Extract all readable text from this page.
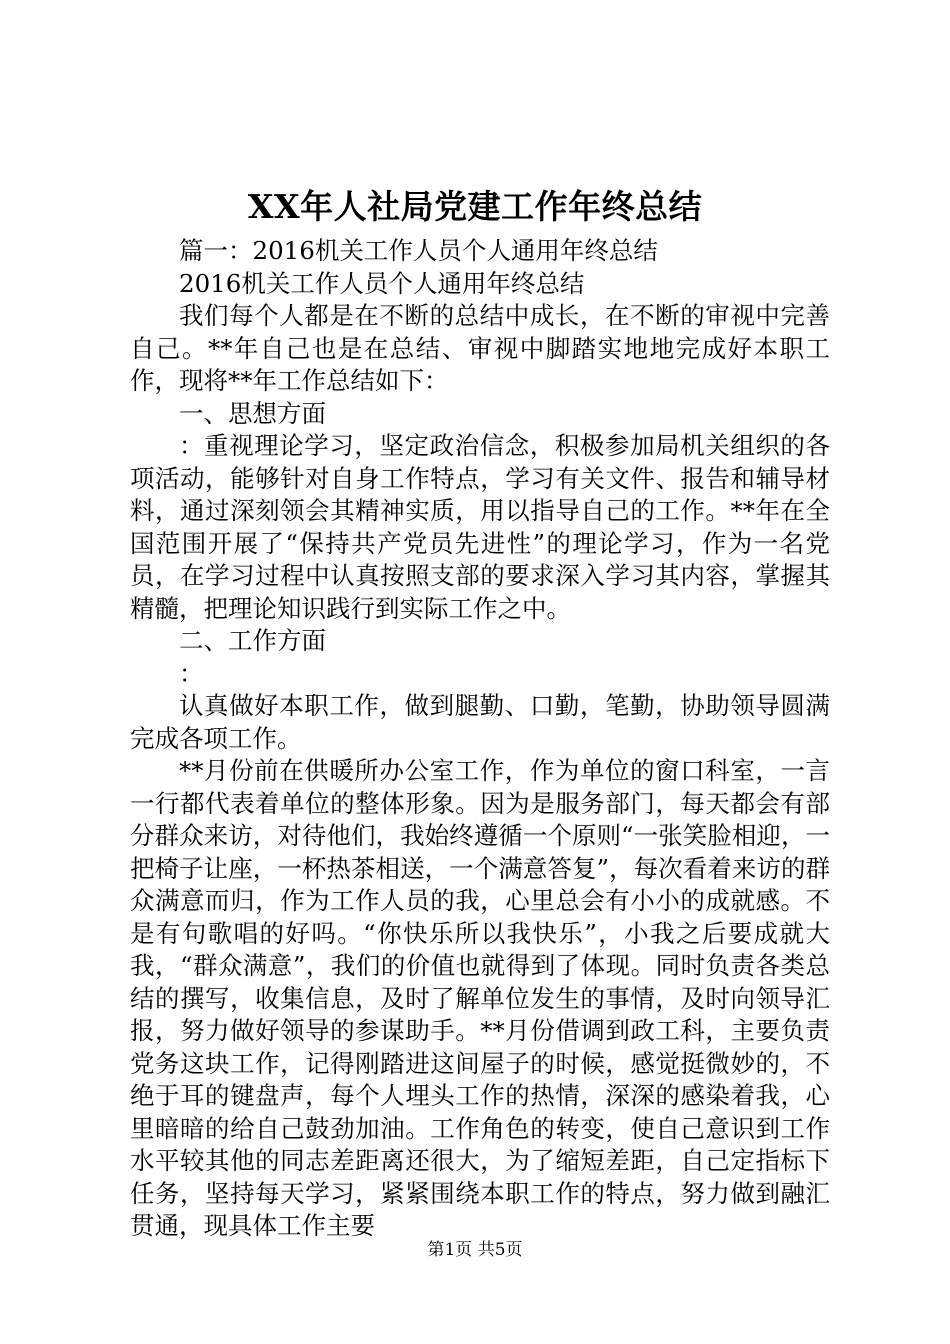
XX年人社局党建工作年终总结

篇一：2016机关工作人员个人通用年终总结

2016机关工作人员个人通用年终总结

我们每个人都是在不断的总结中成长，在不断的审视中完善自己。**年自己也是在总结、审视中脚踏实地地完成好本职工作，现将**年工作总结如下：

一、思想方面

：重视理论学习，坚定政治信念，积极参加局机关组织的各项活动，能够针对自身工作特点，学习有关文件、报告和辅导材料，通过深刻领会其精神实质，用以指导自己的工作。**年在全国范围开展了“保持共产党员先进性”的理论学习，作为一名党员，在学习过程中认真按照支部的要求深入学习其内容，掌握其精髓，把理论知识践行到实际工作之中。

二、工作方面

：

认真做好本职工作，做到腿勤、口勤，笔勤，协助领导圆满完成各项工作。

**月份前在供暖所办公室工作，作为单位的窗口科室，一言一行都代表着单位的整体形象。因为是服务部门，每天都会有部分群众来访，对待他们，我始终遵循一个原则“一张笑脸相迎，一把椅子让座，一杯热茶相送，一个满意答复”，每次看着来访的群众满意而归，作为工作人员的我，心里总会有小小的成就感。不是有句歌唱的好吗。“你快乐所以我快乐”，小我之后要成就大我，“群众满意”，我们的价值也就得到了体现。同时负责各类总结的撰写，收集信息，及时了解单位发生的事情，及时向领导汇报，努力做好领导的参谋助手。**月份借调到政工科，主要负责党务这块工作，记得刚踏进这间屋子的时候，感觉挺微妙的，不绝于耳的键盘声，每个人埋头工作的热情，深深的感染着我，心里暗暗的给自己鼓劲加油。工作角色的转变，使自己意识到工作水平较其他的同志差距离还很大，为了缩短差距，自己定指标下任务，坚持每天学习，紧紧围绕本职工作的特点，努力做到融汇贯通，现具体工作主要

第1页 共5页
